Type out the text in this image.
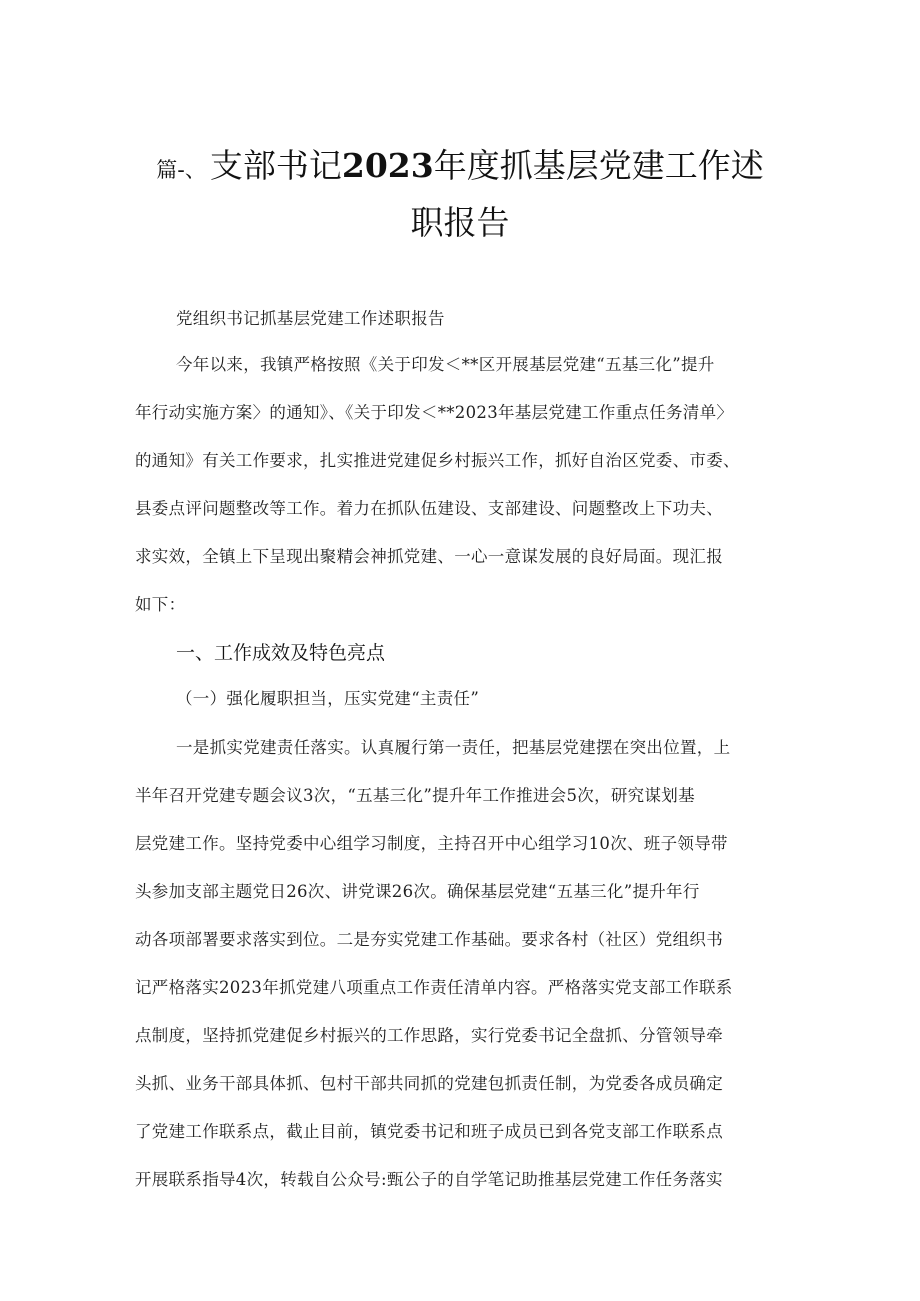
篇-、 支部书记2023年度抓基层党建工作述
职报告
党组织书记抓基层党建工作述职报告
今年以来，我镇严格按照《关于印发＜**区开展基层党建“五基三化”提升
年行动实施方案〉的通知》、《关于印发＜**2023年基层党建工作重点任务清单〉
的通知》有关工作要求，扎实推进党建促乡村振兴工作，抓好自治区党委、市委、
县委点评问题整改等工作。着力在抓队伍建设、支部建设、问题整改上下功夫、
求实效，全镇上下呈现出聚精会神抓党建、一心一意谋发展的良好局面。现汇报
如下：
一、工作成效及特色亮点
（一）强化履职担当，压实党建“主责任”
一是抓实党建责任落实。认真履行第一责任，把基层党建摆在突出位置，上
半年召开党建专题会议3次，“五基三化”提升年工作推进会5次，研究谋划基
层党建工作。坚持党委中心组学习制度，主持召开中心组学习10次、班子领导带
头参加支部主题党日26次、讲党课26次。确保基层党建“五基三化”提升年行
动各项部署要求落实到位。二是夯实党建工作基础。要求各村（社区）党组织书
记严格落实2023年抓党建八项重点工作责任清单内容。严格落实党支部工作联系
点制度，坚持抓党建促乡村振兴的工作思路，实行党委书记全盘抓、分管领导牵
头抓、业务干部具体抓、包村干部共同抓的党建包抓责任制，为党委各成员确定
了党建工作联系点，截止目前，镇党委书记和班子成员已到各党支部工作联系点
开展联系指导4次，转载自公众号:甄公子的自学笔记助推基层党建工作任务落实
